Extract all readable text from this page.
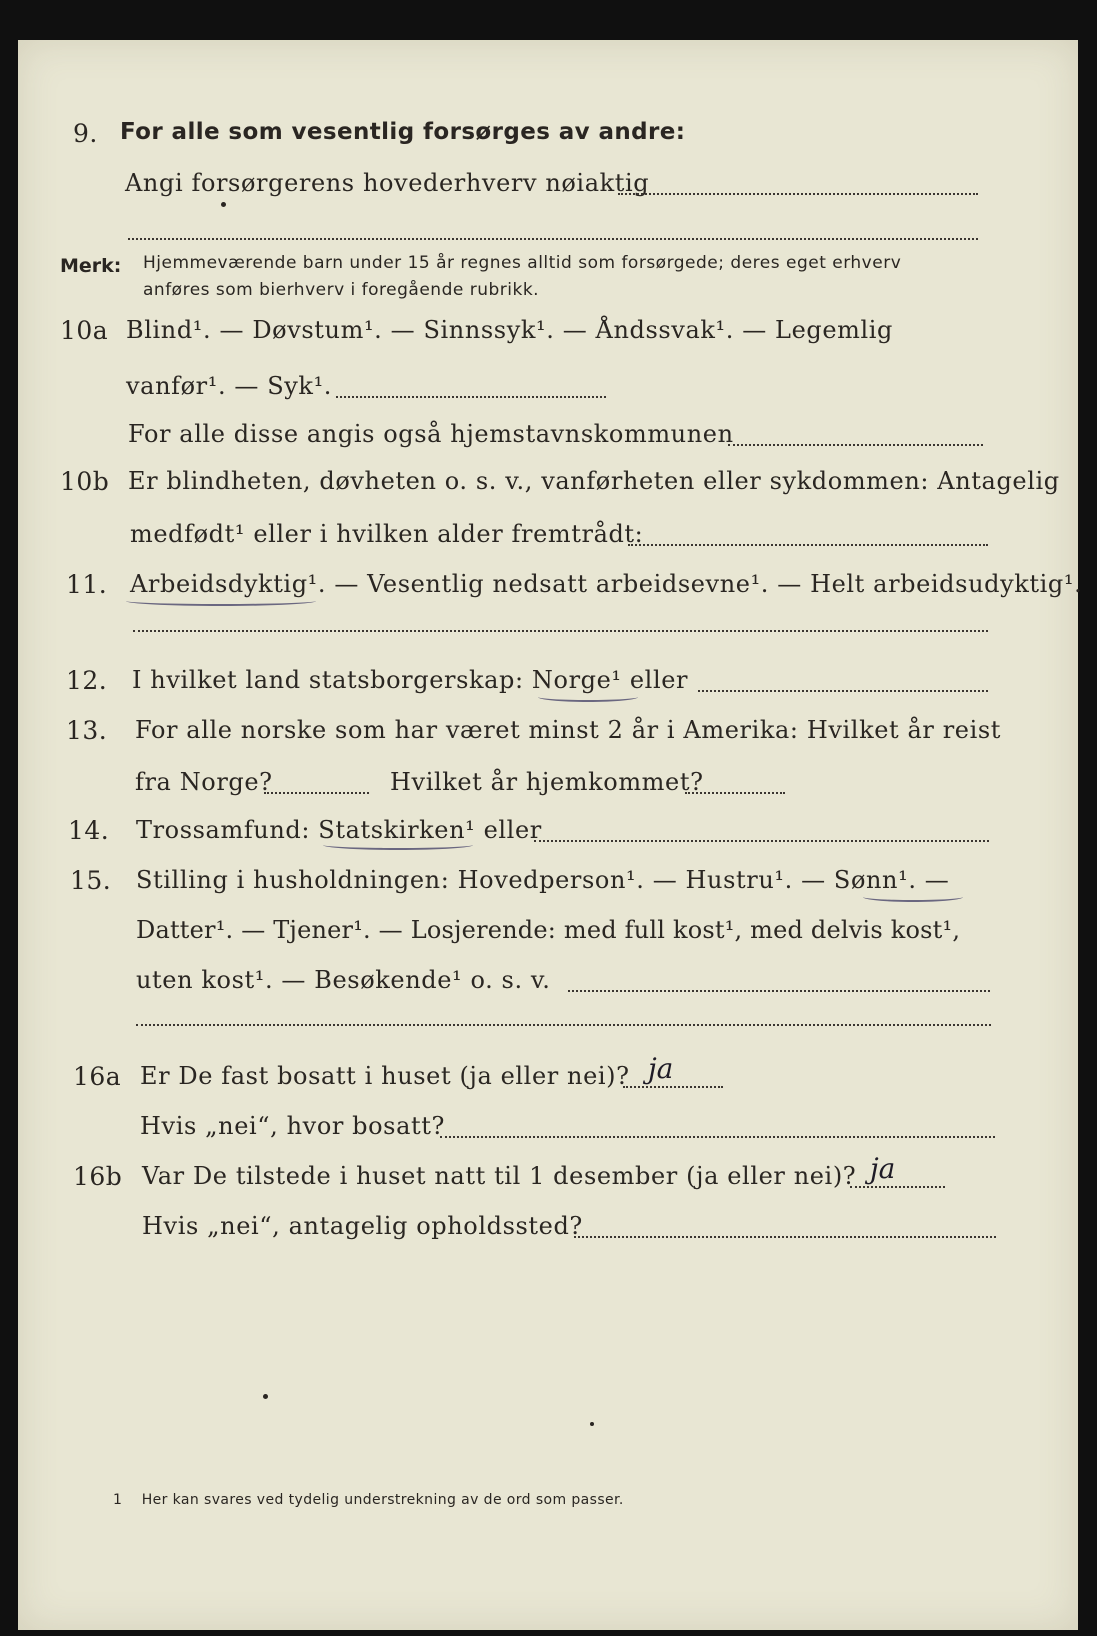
9. For alle som vesentlig forsørges av andre:
Angi forsørgerens hovederhverv nøiaktig
Merk: Hjemmeværende barn under 15 år regnes alltid som forsørgede; deres eget erhverv
anføres som bierhverv i foregående rubrikk.
10a Blind¹. — Døvstum¹. — Sinnssyk¹. — Åndssvak¹. — Legemlig
vanfør¹. — Syk¹.
For alle disse angis også hjemstavnskommunen
10b Er blindheten, døvheten o. s. v., vanførheten eller sykdommen: Antagelig
medfødt¹ eller i hvilken alder fremtrådt:
11. Arbeidsdyktig¹. — Vesentlig nedsatt arbeidsevne¹. — Helt arbeidsudyktig¹.
12. I hvilket land statsborgerskap: Norge¹ eller
13. For alle norske som har været minst 2 år i Amerika: Hvilket år reist
fra Norge?	Hvilket år hjemkommet?
14. Trossamfund: Statskirken¹ eller
15. Stilling i husholdningen: Hovedperson¹. — Hustru¹. — Sønn¹. —
Datter¹. — Tjener¹. — Losjerende: med full kost¹, med delvis kost¹,
uten kost¹. — Besøkende¹ o. s. v.
16a Er De fast bosatt i huset (ja eller nei)? ja
Hvis „nei“, hvor bosatt?
16b Var De tilstede i huset natt til 1 desember (ja eller nei)? ja
Hvis „nei“, antagelig opholdssted?
1 Her kan svares ved tydelig understrekning av de ord som passer.
